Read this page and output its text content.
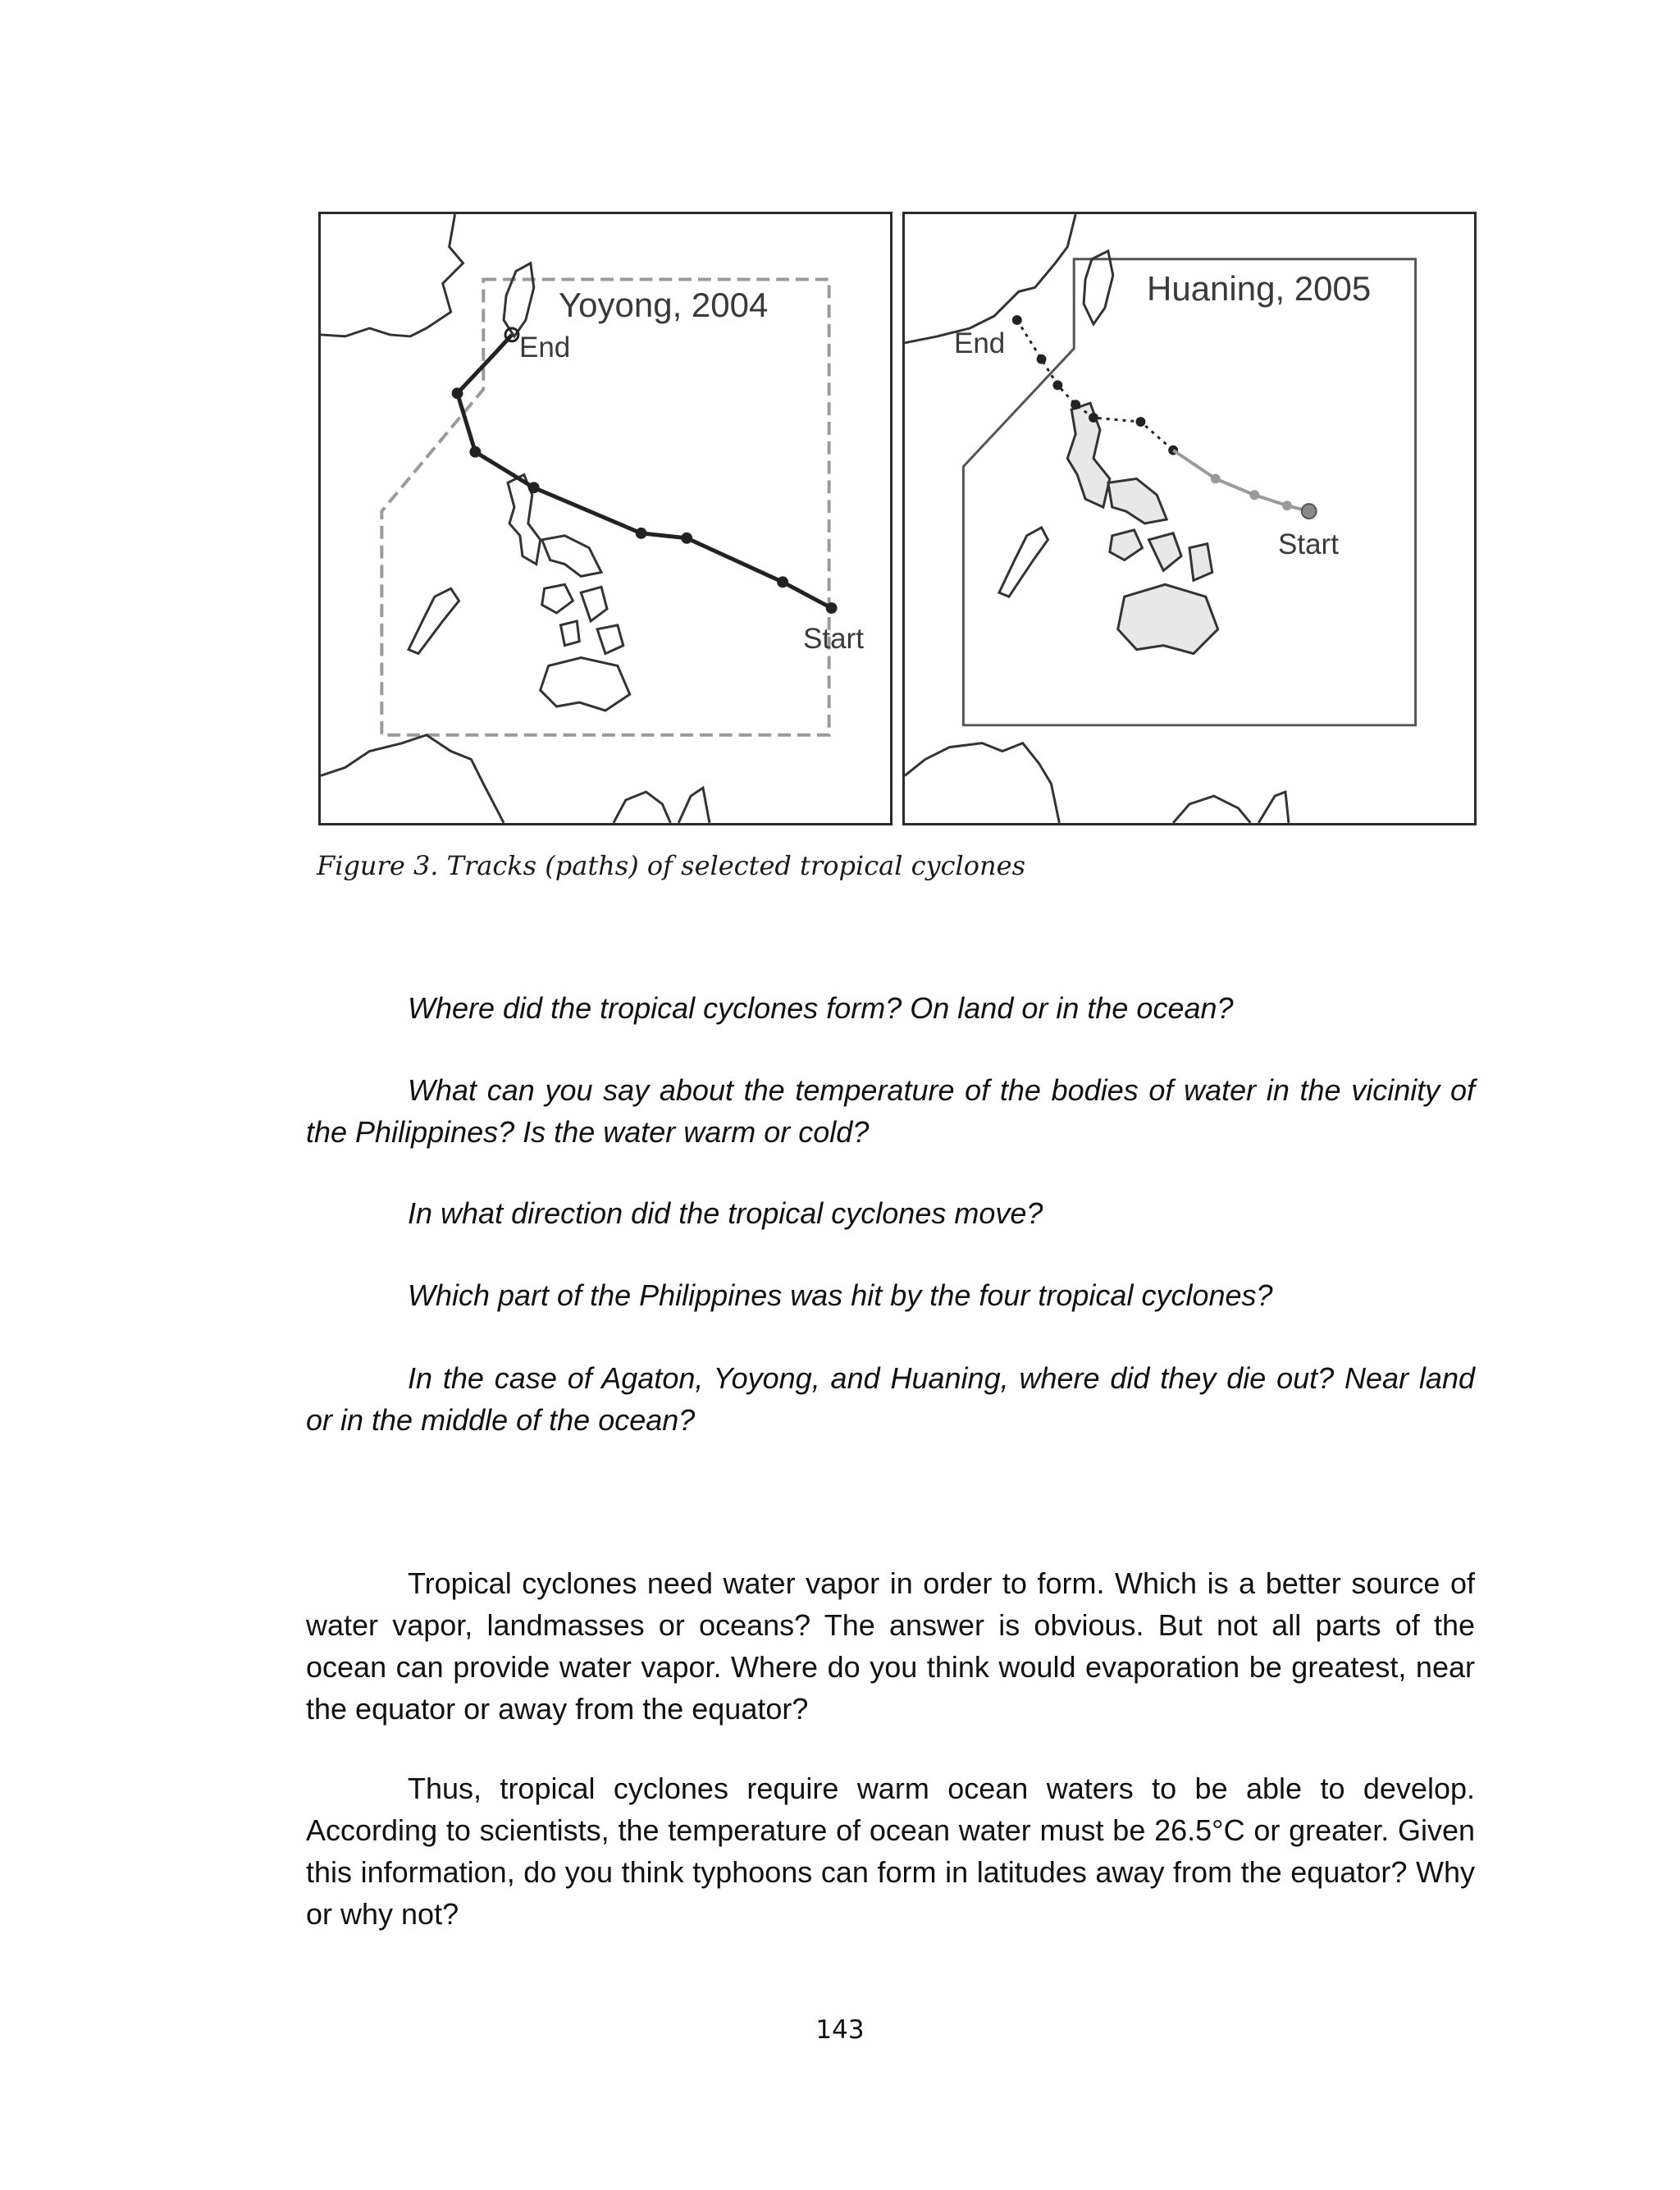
Yoyong, 2004
End
Start
Huaning, 2005
End
Start
Figure 3. Tracks (paths) of selected tropical cyclones

Where did the tropical cyclones form? On land or in the ocean?

What can you say about the temperature of the bodies of water in the vicinity of the Philippines? Is the water warm or cold?

In what direction did the tropical cyclones move?

Which part of the Philippines was hit by the four tropical cyclones?

In the case of Agaton, Yoyong, and Huaning, where did they die out? Near land or in the middle of the ocean?

Tropical cyclones need water vapor in order to form. Which is a better source of water vapor, landmasses or oceans? The answer is obvious. But not all parts of the ocean can provide water vapor. Where do you think would evaporation be greatest, near the equator or away from the equator?

Thus, tropical cyclones require warm ocean waters to be able to develop. According to scientists, the temperature of ocean water must be 26.5°C or greater. Given this information, do you think typhoons can form in latitudes away from the equator? Why or why not?

143
